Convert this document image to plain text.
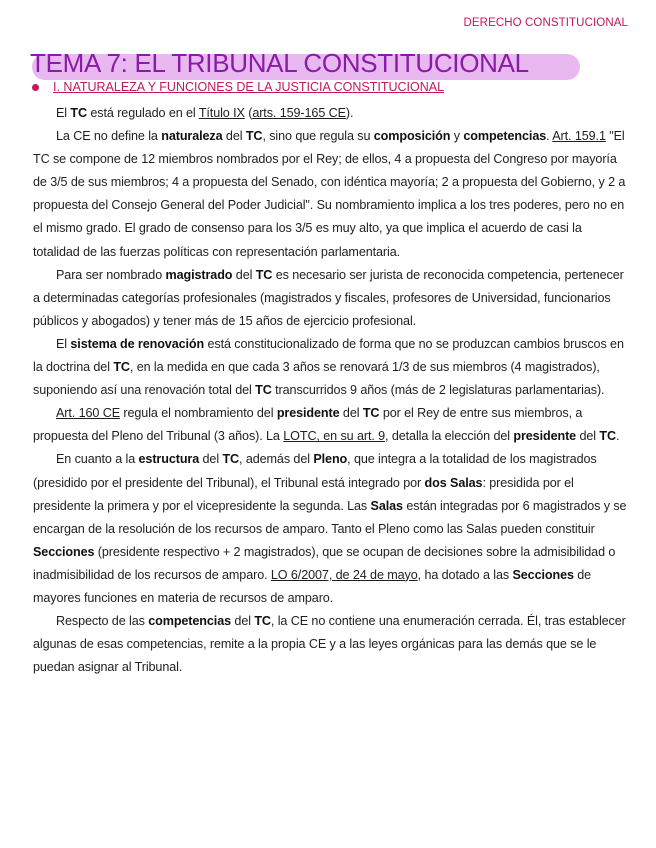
DERECHO CONSTITUCIONAL
TEMA 7: EL TRIBUNAL CONSTITUCIONAL
I. NATURALEZA Y FUNCIONES DE LA JUSTICIA CONSTITUCIONAL

El TC está regulado en el Título IX (arts. 159-165 CE).

La CE no define la naturaleza del TC, sino que regula su composición y competencias. Art. 159.1 "El TC se compone de 12 miembros nombrados por el Rey; de ellos, 4 a propuesta del Congreso por mayoría de 3/5 de sus miembros; 4 a propuesta del Senado, con idéntica mayoría; 2 a propuesta del Gobierno, y 2 a propuesta del Consejo General del Poder Judicial". Su nombramiento implica a los tres poderes, pero no en el mismo grado. El grado de consenso para los 3/5 es muy alto, ya que implica el acuerdo de casi la totalidad de las fuerzas políticas con representación parlamentaria.

Para ser nombrado magistrado del TC es necesario ser jurista de reconocida competencia, pertenecer a determinadas categorías profesionales (magistrados y fiscales, profesores de Universidad, funcionarios públicos y abogados) y tener más de 15 años de ejercicio profesional.

El sistema de renovación está constitucionalizado de forma que no se produzcan cambios bruscos en la doctrina del TC, en la medida en que cada 3 años se renovará 1/3 de sus miembros (4 magistrados), suponiendo así una renovación total del TC transcurridos 9 años (más de 2 legislaturas parlamentarias).

Art. 160 CE regula el nombramiento del presidente del TC por el Rey de entre sus miembros, a propuesta del Pleno del Tribunal (3 años). La LOTC, en su art. 9, detalla la elección del presidente del TC.

En cuanto a la estructura del TC, además del Pleno, que integra a la totalidad de los magistrados (presidido por el presidente del Tribunal), el Tribunal está integrado por dos Salas: presidida por el presidente la primera y por el vicepresidente la segunda. Las Salas están integradas por 6 magistrados y se encargan de la resolución de los recursos de amparo. Tanto el Pleno como las Salas pueden constituir Secciones (presidente respectivo + 2 magistrados), que se ocupan de decisiones sobre la admisibilidad o inadmisibilidad de los recursos de amparo. LO 6/2007, de 24 de mayo, ha dotado a las Secciones de mayores funciones en materia de recursos de amparo.

Respecto de las competencias del TC, la CE no contiene una enumeración cerrada. Él, tras establecer algunas de esas competencias, remite a la propia CE y a las leyes orgánicas para las demás que se le puedan asignar al Tribunal.
